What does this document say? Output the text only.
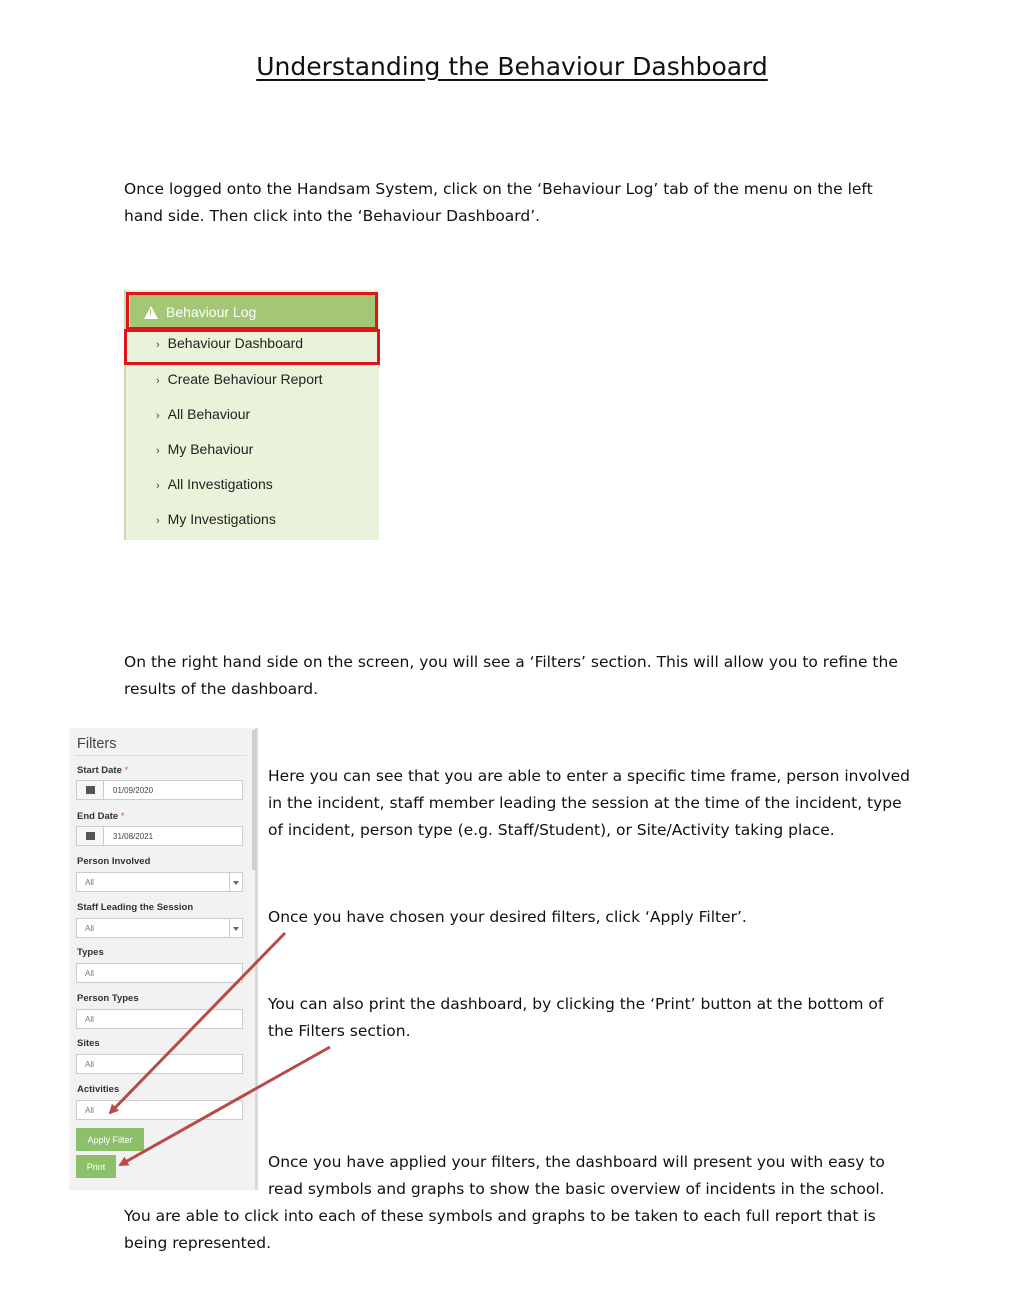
Understanding the Behaviour Dashboard
Once logged onto the Handsam System, click on the ‘Behaviour Log’ tab of the menu on the left
hand side. Then click into the ‘Behaviour Dashboard’.
!
Behaviour Log
› Behaviour Dashboard
› Create Behaviour Report
› All Behaviour
› My Behaviour
› All Investigations
› My Investigations
On the right hand side on the screen, you will see a ‘Filters’ section. This will allow you to refine the
results of the dashboard.
Filters
Start Date *
01/09/2020
End Date *
31/08/2021
Person Involved
All
Staff Leading the Session
All
Types
All
Person Types
All
Sites
All
Activities
All
Apply Filter
Print
Here you can see that you are able to enter a specific time frame, person involved
in the incident, staff member leading the session at the time of the incident, type
of incident, person type (e.g. Staff/Student), or Site/Activity taking place.
Once you have chosen your desired filters, click ‘Apply Filter’.
You can also print the dashboard, by clicking the ‘Print’ button at the bottom of
the Filters section.
Once you have applied your filters, the dashboard will present you with easy to
read symbols and graphs to show the basic overview of incidents in the school.
You are able to click into each of these symbols and graphs to be taken to each full report that is
being represented.
